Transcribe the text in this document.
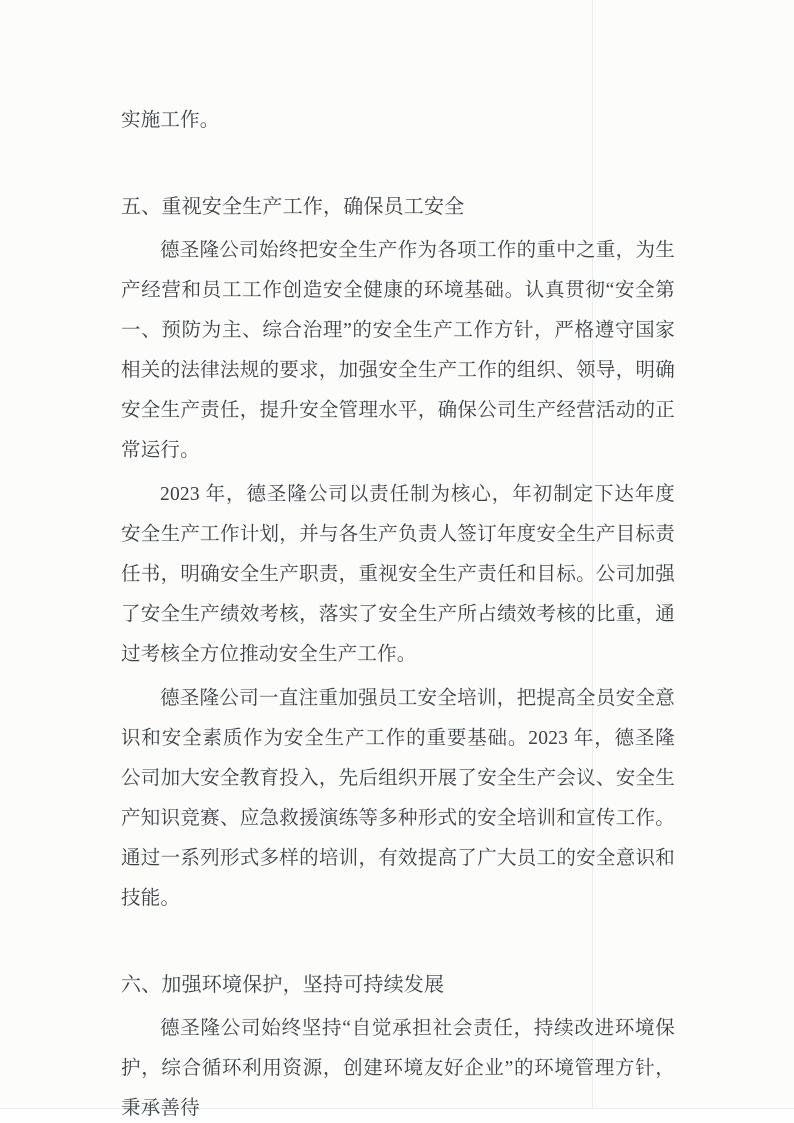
实施工作。

五、重视安全生产工作，确保员工安全

德圣隆公司始终把安全生产作为各项工作的重中之重，为生产经营和员工工作创造安全健康的环境基础。认真贯彻“安全第一、预防为主、综合治理”的安全生产工作方针，严格遵守国家相关的法律法规的要求，加强安全生产工作的组织、领导，明确安全生产责任，提升安全管理水平，确保公司生产经营活动的正常运行。

2023 年，德圣隆公司以责任制为核心，年初制定下达年度安全生产工作计划，并与各生产负责人签订年度安全生产目标责任书，明确安全生产职责，重视安全生产责任和目标。公司加强了安全生产绩效考核，落实了安全生产所占绩效考核的比重，通过考核全方位推动安全生产工作。

德圣隆公司一直注重加强员工安全培训，把提高全员安全意识和安全素质作为安全生产工作的重要基础。2023 年，德圣隆公司加大安全教育投入，先后组织开展了安全生产会议、安全生产知识竞赛、应急救援演练等多种形式的安全培训和宣传工作。通过一系列形式多样的培训，有效提高了广大员工的安全意识和技能。

六、加强环境保护，坚持可持续发展

德圣隆公司始终坚持“自觉承担社会责任，持续改进环境保护，综合循环利用资源，创建环境友好企业”的环境管理方针，秉承善待
